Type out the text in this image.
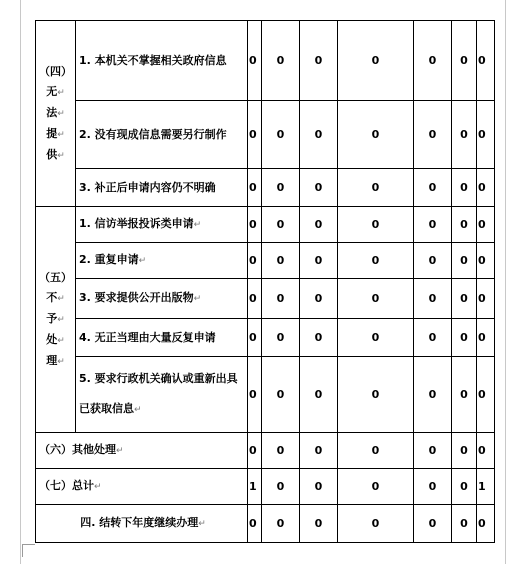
（四）
无↵
法↵
提↵
供↵	1. 本机关不掌握相关政府信息	0	0	0	0	0	0	0
	2. 没有现成信息需要另行制作	0	0	0	0	0	0	0
	3. 补正后申请内容仍不明确	0	0	0	0	0	0	0

（五）
不↵
予↵
处↵
理↵	1. 信访举报投诉类申请↵	0	0	0	0	0	0	0
	2. 重复申请↵	0	0	0	0	0	0	0
	3. 要求提供公开出版物↵	0	0	0	0	0	0	0
	4. 无正当理由大量反复申请	0	0	0	0	0	0	0
	5. 要求行政机关确认或重新出具已获取信息↵	0	0	0	0	0	0	0
（六）其他处理↵		0	0	0	0	0	0	0
（七）总计↵		1	0	0	0	0	0	1
四. 结转下年度继续办理↵		0	0	0	0	0	0	0
